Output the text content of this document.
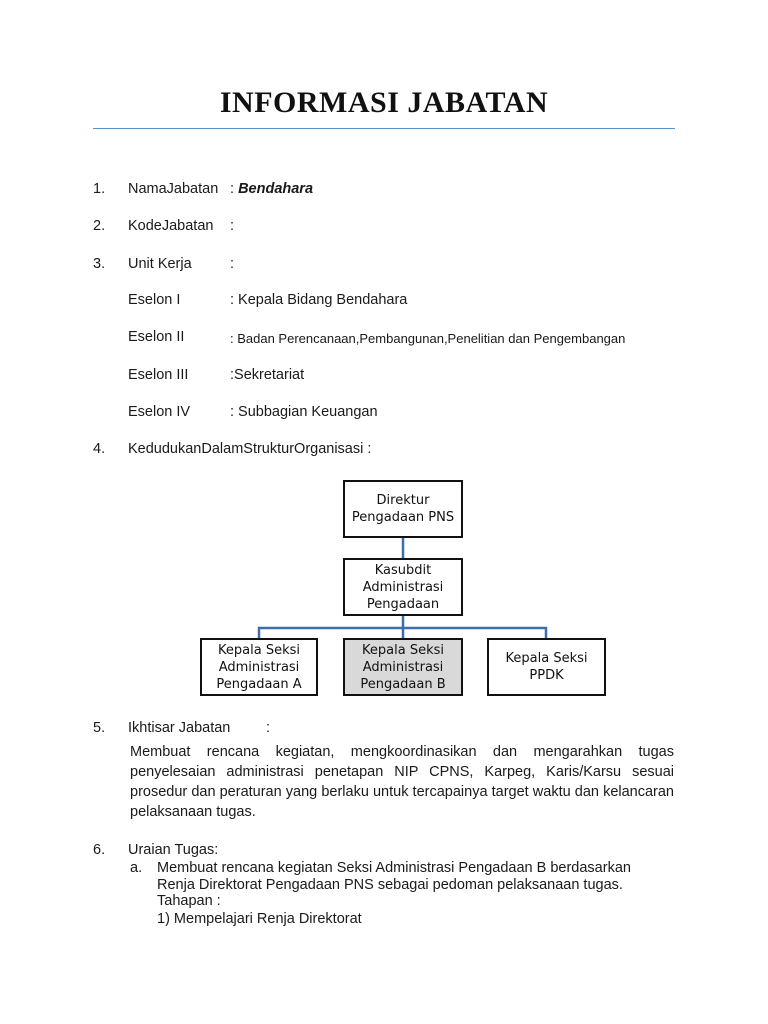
INFORMASI JABATAN
1. NamaJabatan : Bendahara
2. KodeJabatan :
3. Unit Kerja	:
Eselon I	: Kepala Bidang Bendahara
Eselon II	: Badan Perencanaan,Pembangunan,Penelitian dan Pengembangan
Eselon III	:Sekretariat
Eselon IV	: Subbagian Keuangan
4. KedudukanDalamStrukturOrganisasi :
Direktur
Pengadaan PNS
Kasubdit
Administrasi
Pengadaan
Kepala Seksi
Administrasi
Pengadaan A
Kepala Seksi
Administrasi
Pengadaan B
Kepala Seksi
PPDK
5. Ikhtisar Jabatan :
Membuat rencana kegiatan, mengkoordinasikan dan mengarahkan tugas penyelesaian administrasi penetapan NIP CPNS, Karpeg, Karis/Karsu sesuai prosedur dan peraturan yang berlaku untuk tercapainya target waktu dan kelancaran pelaksanaan tugas.
6. Uraian Tugas:
a. Membuat rencana kegiatan Seksi Administrasi Pengadaan B berdasarkan
Renja Direktorat Pengadaan PNS sebagai pedoman pelaksanaan tugas.
Tahapan :
1) Mempelajari Renja Direktorat
